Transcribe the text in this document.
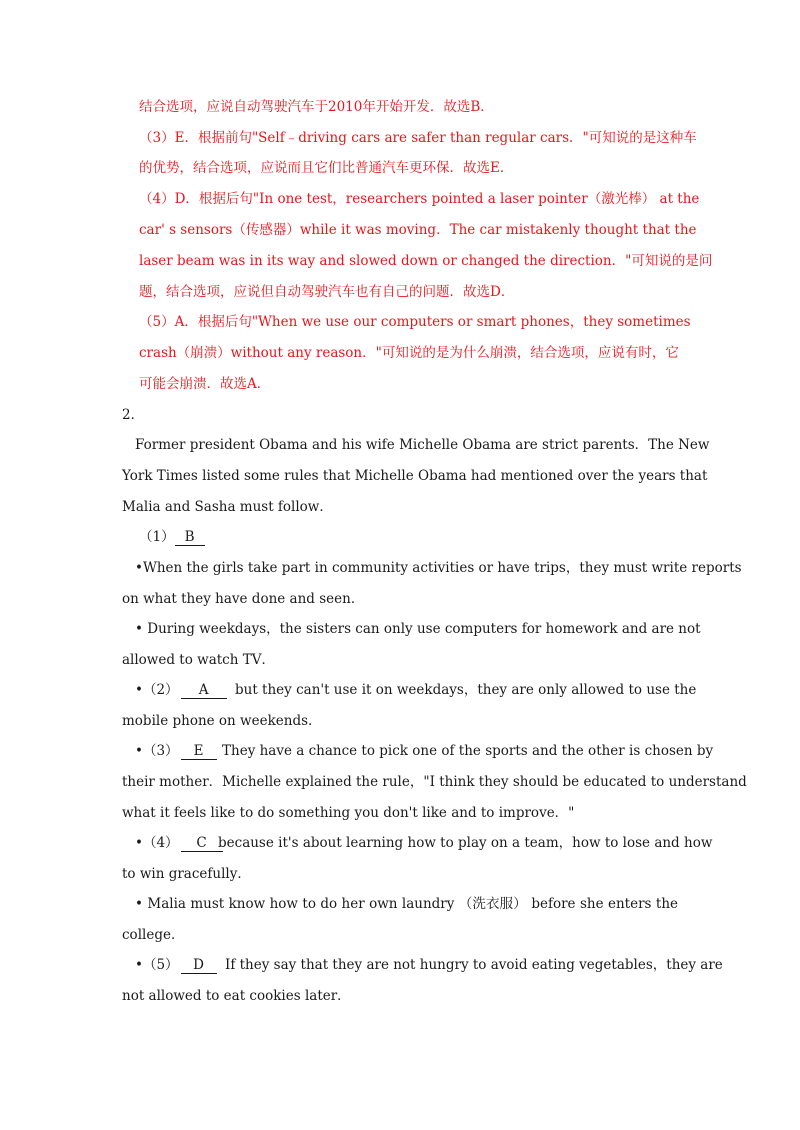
结合选项，应说自动驾驶汽车于2010年开始开发．故选B．
（3）E．根据前句"Self﹣driving cars are safer than regular cars．"可知说的是这种车
的优势，结合选项，应说而且它们比普通汽车更环保．故选E．
（4）D．根据后句"In one test，researchers pointed a laser pointer（激光棒） at the
car' s sensors（传感器）while it was moving．The car mistakenly thought that the
laser beam was in its way and slowed down or changed the direction．"可知说的是问
题，结合选项，应说但自动驾驶汽车也有自己的问题．故选D．
（5）A．根据后句"When we use our computers or smart phones，they sometimes
crash（崩溃）without any reason．"可知说的是为什么崩溃，结合选项，应说有时，它
可能会崩溃．故选A．
2．
Former president Obama and his wife Michelle Obama are strict parents．The New
York Times listed some rules that Michelle Obama had mentioned over the years that
Malia and Sasha must follow．
（1） B
•When the girls take part in community activities or have trips，they must write reports
on what they have done and seen．
• During weekdays，the sisters can only use computers for homework and are not
allowed to watch TV．
•（2） A	but they can't use it on weekdays，they are only allowed to use the
mobile phone on weekends．
•（3） E	They have a chance to pick one of the sports and the other is chosen by
their mother．Michelle explained the rule，"I think they should be educated to understand
what it feels like to do something you don't like and to improve．"
•（4） C because it's about learning how to play on a team，how to lose and how
to win gracefully．
• Malia must know how to do her own laundry （洗衣服） before she enters the
college．
•（5） D	If they say that they are not hungry to avoid eating vegetables，they are
not allowed to eat cookies later．
